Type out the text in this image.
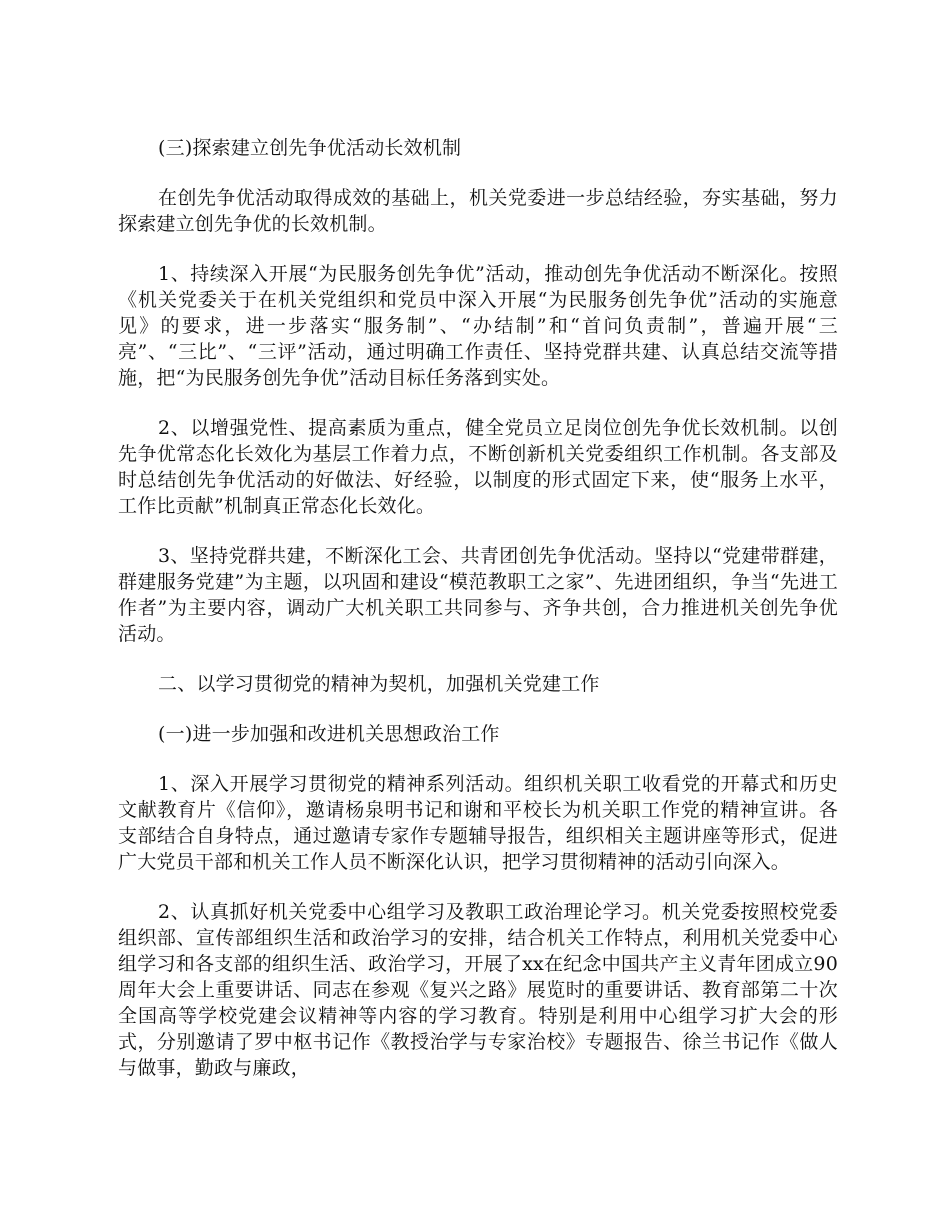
(三)探索建立创先争优活动长效机制

在创先争优活动取得成效的基础上，机关党委进一步总结经验，夯实基础，努力探索建立创先争优的长效机制。

1、持续深入开展“为民服务创先争优”活动，推动创先争优活动不断深化。按照《机关党委关于在机关党组织和党员中深入开展“为民服务创先争优”活动的实施意见》的要求，进一步落实“服务制”、“办结制”和“首问负责制”，普遍开展“三亮”、“三比”、“三评”活动，通过明确工作责任、坚持党群共建、认真总结交流等措施，把“为民服务创先争优”活动目标任务落到实处。

2、以增强党性、提高素质为重点，健全党员立足岗位创先争优长效机制。以创先争优常态化长效化为基层工作着力点，不断创新机关党委组织工作机制。各支部及时总结创先争优活动的好做法、好经验，以制度的形式固定下来，使“服务上水平，工作比贡献”机制真正常态化长效化。

3、坚持党群共建，不断深化工会、共青团创先争优活动。坚持以“党建带群建，群建服务党建”为主题，以巩固和建设“模范教职工之家”、先进团组织，争当“先进工作者”为主要内容，调动广大机关职工共同参与、齐争共创，合力推进机关创先争优活动。

二、以学习贯彻党的精神为契机，加强机关党建工作

(一)进一步加强和改进机关思想政治工作

1、深入开展学习贯彻党的精神系列活动。组织机关职工收看党的开幕式和历史文献教育片《信仰》，邀请杨泉明书记和谢和平校长为机关职工作党的精神宣讲。各支部结合自身特点，通过邀请专家作专题辅导报告，组织相关主题讲座等形式，促进广大党员干部和机关工作人员不断深化认识，把学习贯彻精神的活动引向深入。

2、认真抓好机关党委中心组学习及教职工政治理论学习。机关党委按照校党委组织部、宣传部组织生活和政治学习的安排，结合机关工作特点，利用机关党委中心组学习和各支部的组织生活、政治学习，开展了xx在纪念中国共产主义青年团成立90周年大会上重要讲话、同志在参观《复兴之路》展览时的重要讲话、教育部第二十次全国高等学校党建会议精神等内容的学习教育。特别是利用中心组学习扩大会的形式，分别邀请了罗中枢书记作《教授治学与专家治校》专题报告、徐兰书记作《做人与做事，勤政与廉政，
